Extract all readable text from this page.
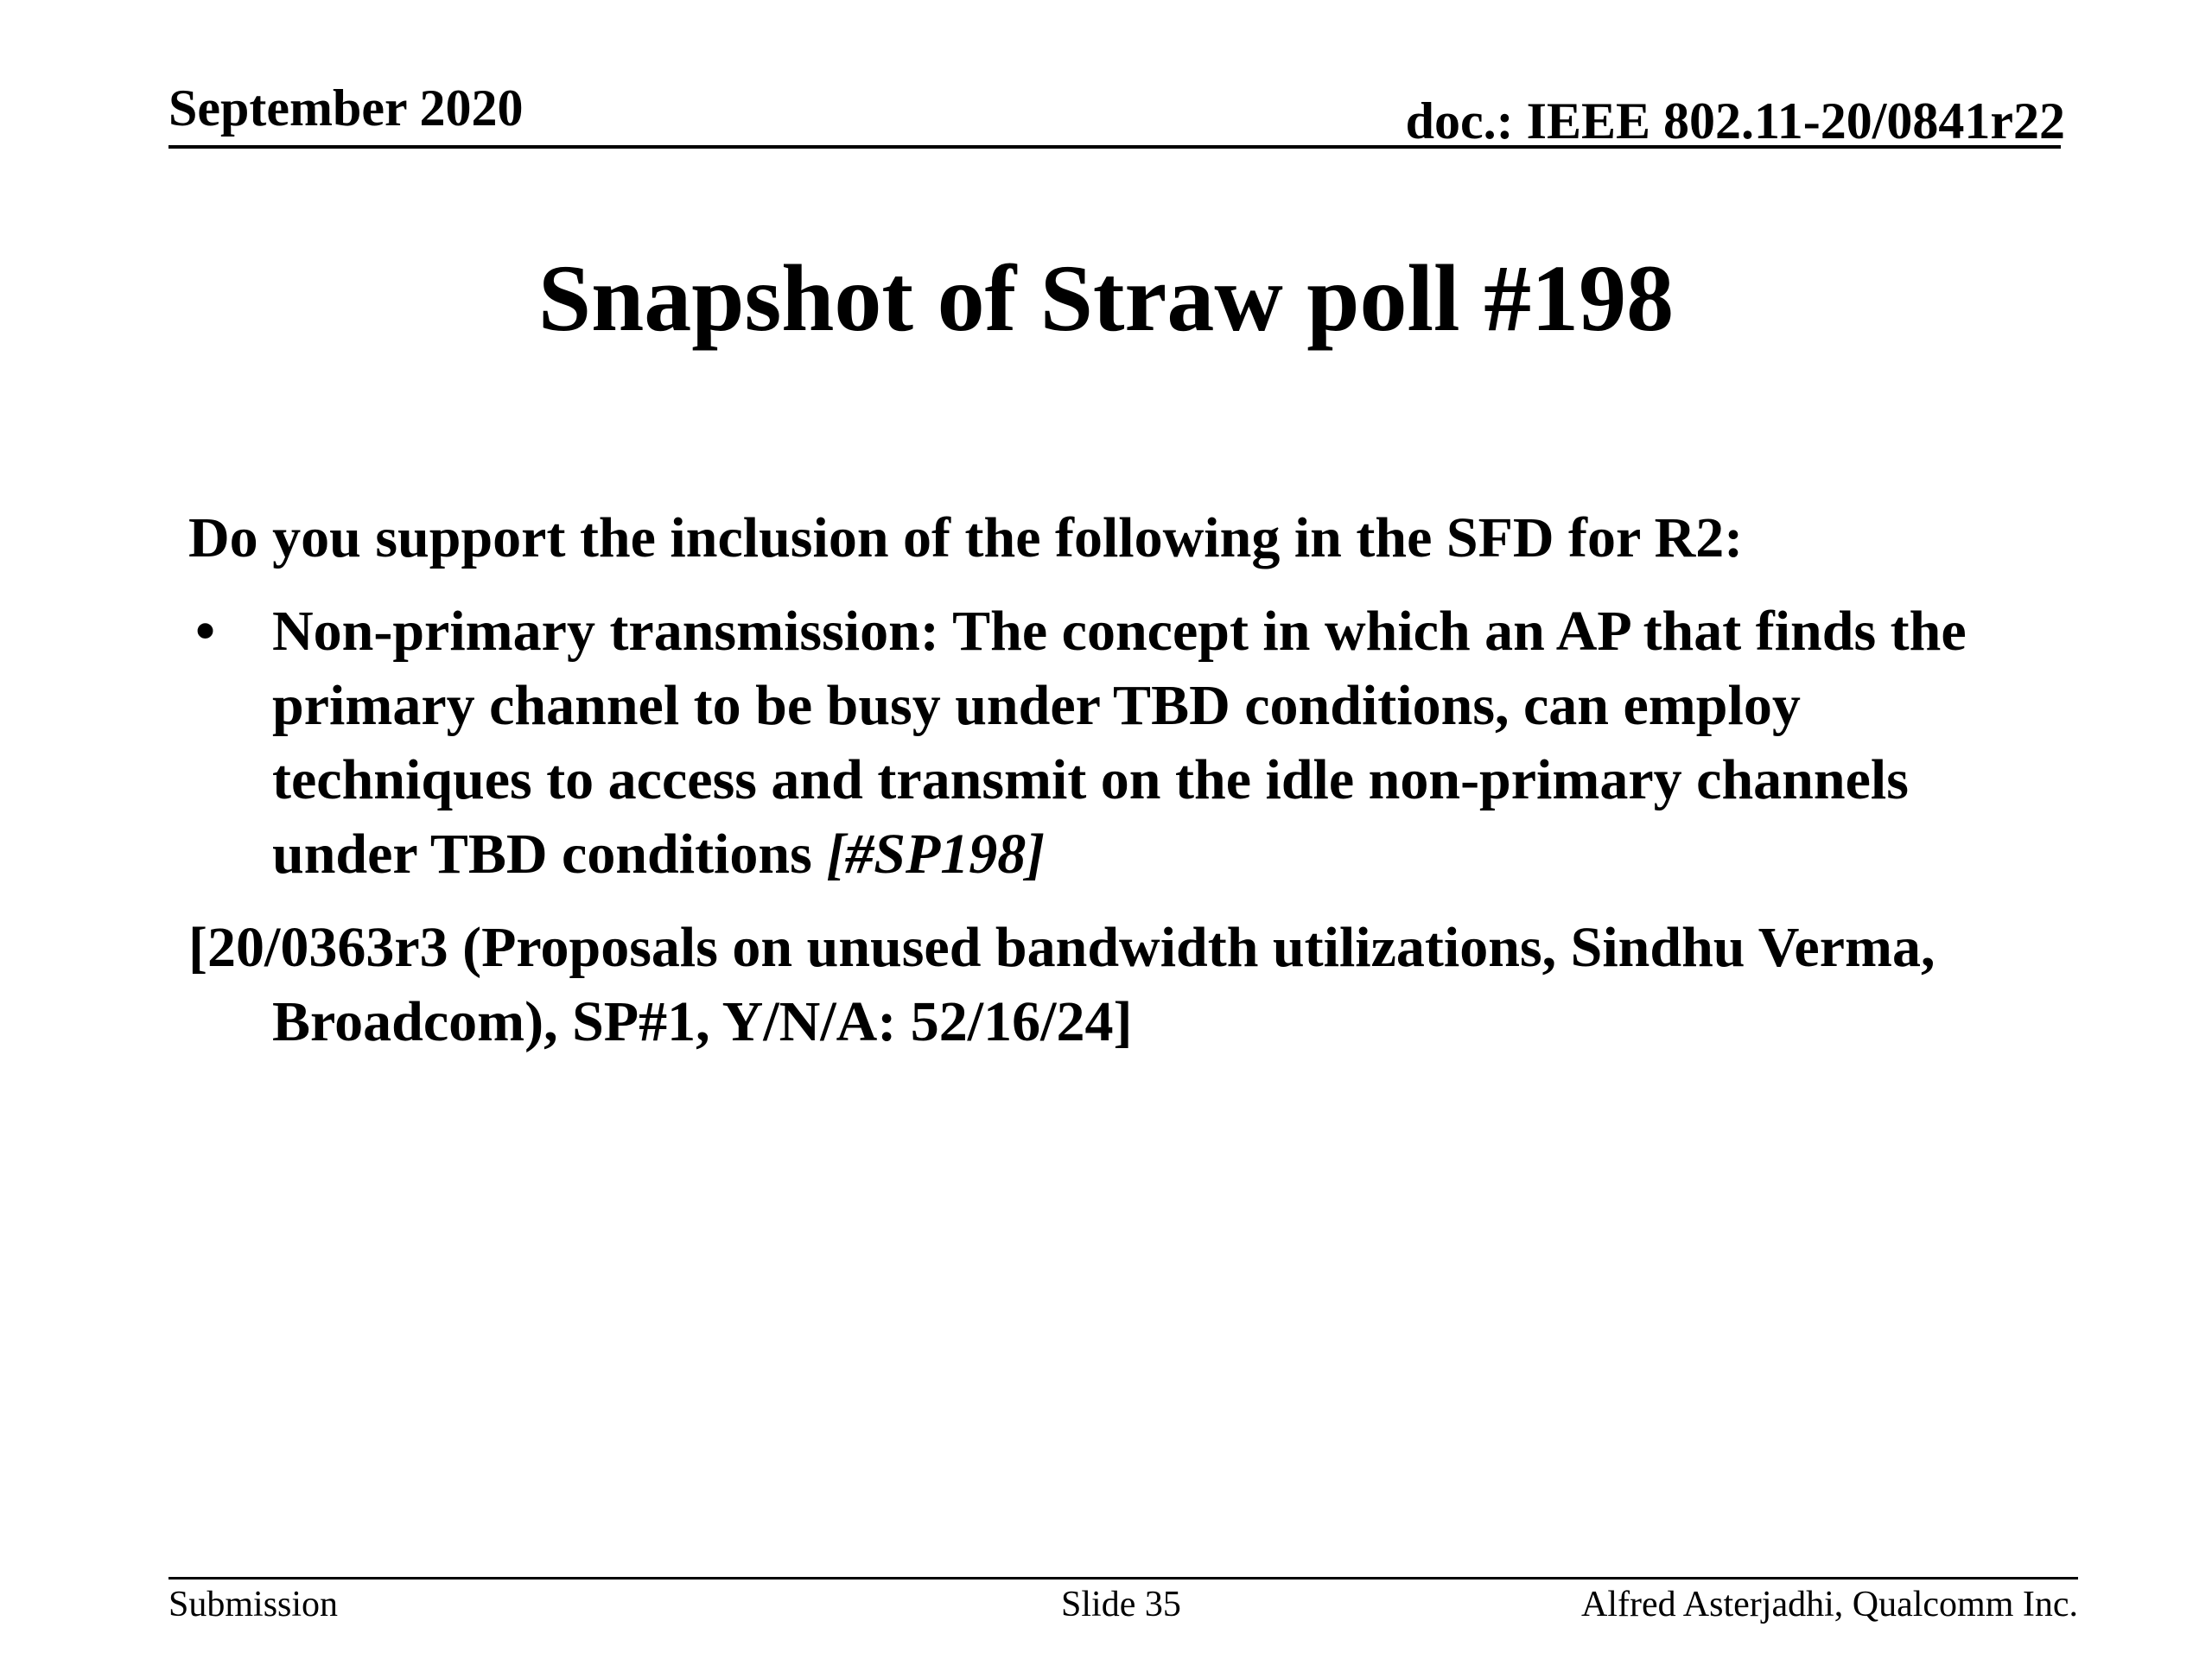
September 2020	doc.: IEEE 802.11-20/0841r22
Snapshot of Straw poll #198

Do you support the inclusion of the following in the SFD for R2:

• Non-primary transmission: The concept in which an AP that finds the primary channel to be busy under TBD conditions, can employ techniques to access and transmit on the idle non-primary channels under TBD conditions [#SP198]

[20/0363r3 (Proposals on unused bandwidth utilizations, Sindhu Verma, Broadcom), SP#1, Y/N/A: 52/16/24]

Submission	Slide 35	Alfred Asterjadhi, Qualcomm Inc.
